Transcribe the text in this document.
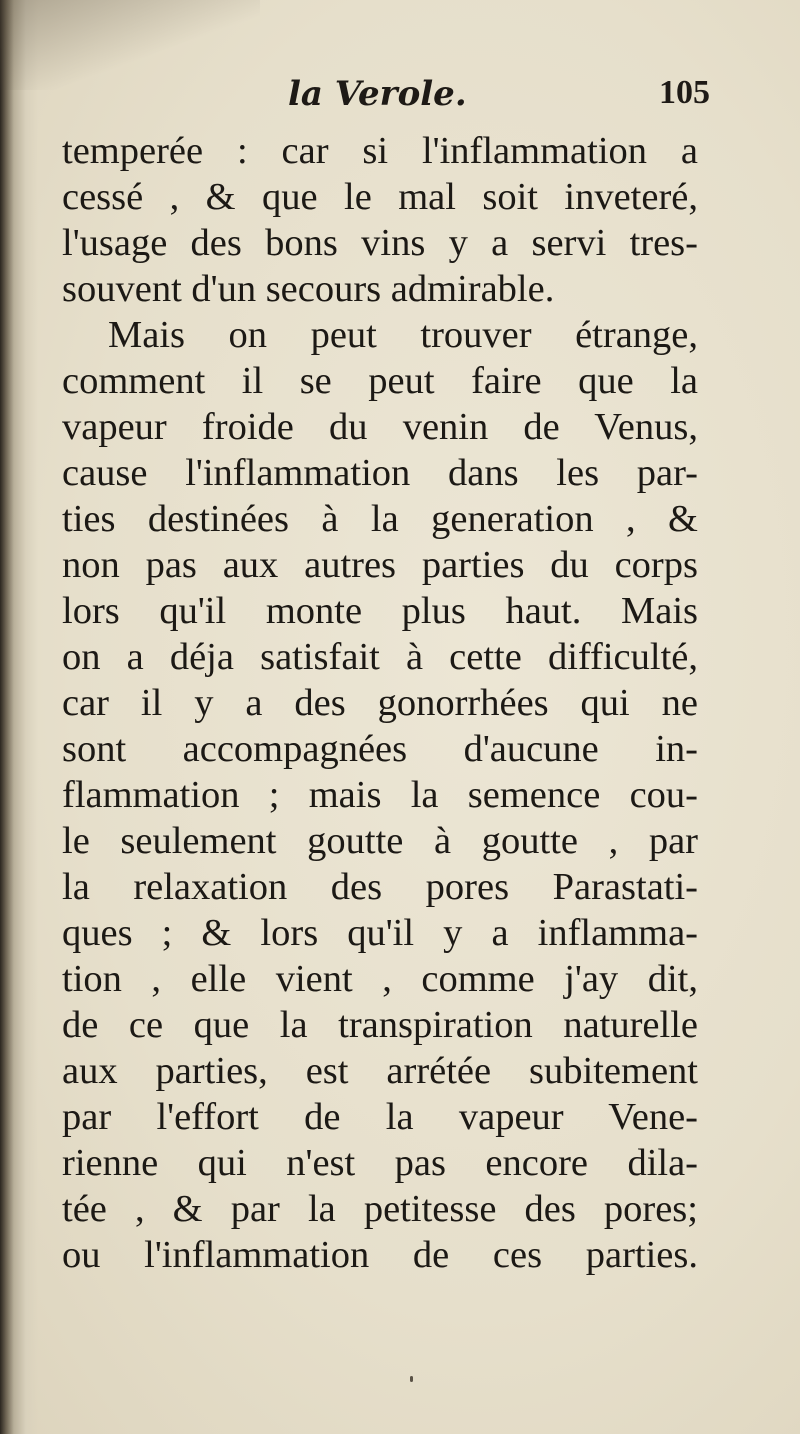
la Verole.	105
temperée : car si l'inflammation a
cessé , & que le mal soit inveteré,
l'usage des bons vins y a servi tres-
souvent d'un secours admirable.
Mais on peut trouver étrange,
comment il se peut faire que la
vapeur froide du venin de Venus,
cause l'inflammation dans les par-
ties destinées à la generation , &
non pas aux autres parties du corps
lors qu'il monte plus haut. Mais
on a déja satisfait à cette difficulté,
car il y a des gonorrhées qui ne
sont accompagnées d'aucune in-
flammation ; mais la semence cou-
le seulement goutte à goutte , par
la relaxation des pores Parastati-
ques ; & lors qu'il y a inflamma-
tion , elle vient , comme j'ay dit,
de ce que la transpiration naturelle
aux parties, est arrétée subitement
par l'effort de la vapeur Vene-
rienne qui n'est pas encore dila-
tée , & par la petitesse des pores;
ou l'inflammation de ces parties.
